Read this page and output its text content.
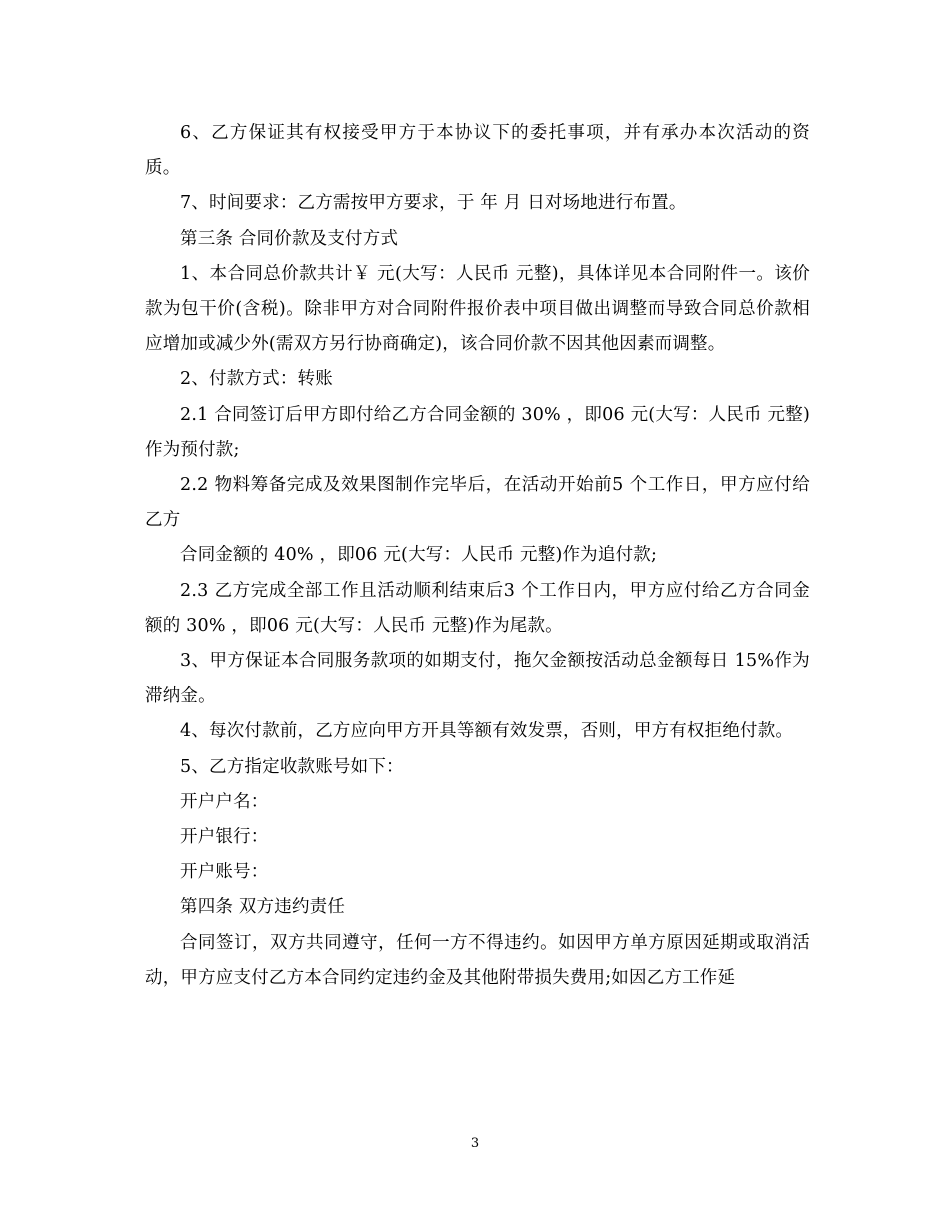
6、乙方保证其有权接受甲方于本协议下的委托事项，并有承办本次活动的资质。

7、时间要求：乙方需按甲方要求，于 年 月 日对场地进行布置。

第三条 合同价款及支付方式

1、本合同总价款共计￥ 元(大写：人民币 元整)，具体详见本合同附件一。该价款为包干价(含税)。除非甲方对合同附件报价表中项目做出调整而导致合同总价款相应增加或减少外(需双方另行协商确定)，该合同价款不因其他因素而调整。

2、付款方式：转账

2.1 合同签订后甲方即付给乙方合同金额的 30% ，即06 元(大写：人民币 元整)作为预付款;

2.2 物料筹备完成及效果图制作完毕后，在活动开始前5 个工作日，甲方应付给乙方

合同金额的 40% ，即06 元(大写：人民币 元整)作为追付款;

2.3 乙方完成全部工作且活动顺利结束后3 个工作日内，甲方应付给乙方合同金额的 30% ，即06 元(大写：人民币 元整)作为尾款。

3、甲方保证本合同服务款项的如期支付，拖欠金额按活动总金额每日 15%作为滞纳金。

4、每次付款前，乙方应向甲方开具等额有效发票，否则，甲方有权拒绝付款。

5、乙方指定收款账号如下：

开户户名：

开户银行：

开户账号：

第四条 双方违约责任

合同签订，双方共同遵守，任何一方不得违约。如因甲方单方原因延期或取消活动，甲方应支付乙方本合同约定违约金及其他附带损失费用;如因乙方工作延

3
